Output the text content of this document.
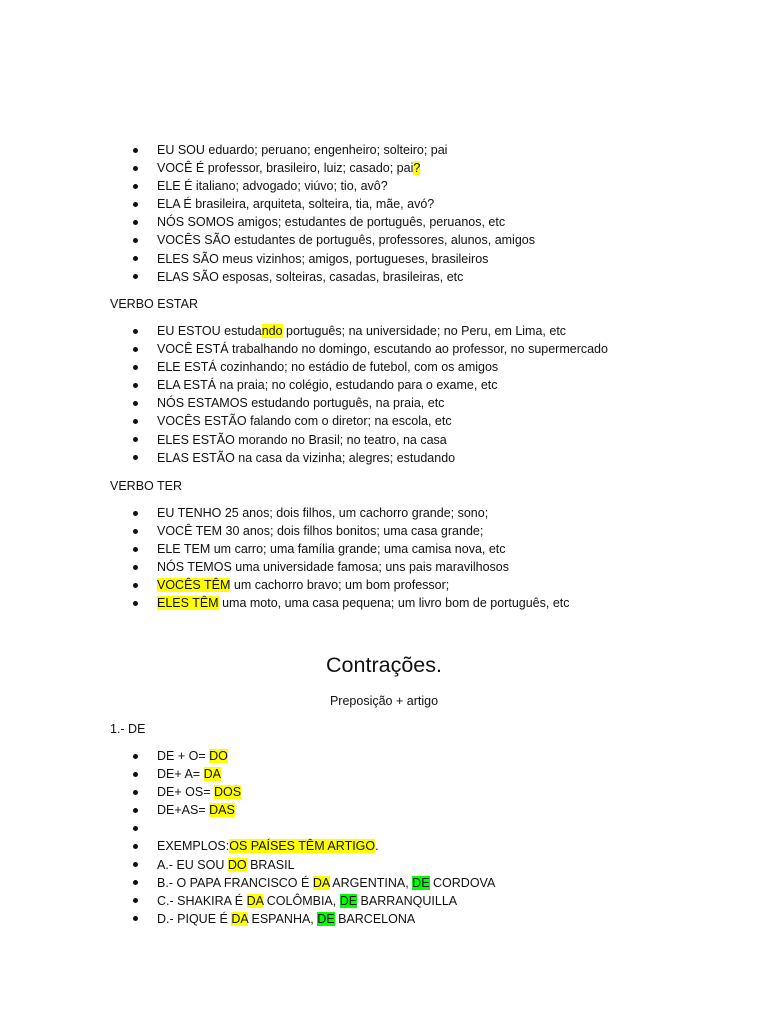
EU SOU eduardo; peruano; engenheiro; solteiro; pai
VOCÊ É professor, brasileiro, luiz; casado; pai?
ELE É italiano; advogado; viúvo; tio, avô?
ELA É brasileira, arquiteta, solteira, tia, mãe, avó?
NÓS SOMOS amigos; estudantes de português, peruanos, etc
VOCÊS SÃO estudantes de português, professores, alunos, amigos
ELES SÃO meus vizinhos; amigos, portugueses, brasileiros
ELAS SÃO esposas, solteiras, casadas, brasileiras, etc
VERBO ESTAR
EU ESTOU estudando português; na universidade; no Peru, em Lima, etc
VOCÊ ESTÁ trabalhando no domingo, escutando ao professor, no supermercado
ELE ESTÁ cozinhando; no estádio de futebol, com os amigos
ELA ESTÁ na praia; no colégio, estudando para o exame, etc
NÓS ESTAMOS estudando português, na praia, etc
VOCÊS ESTÃO falando com o diretor; na escola, etc
ELES ESTÃO morando no Brasil; no teatro, na casa
ELAS ESTÃO na casa da vizinha; alegres; estudando
VERBO TER
EU TENHO 25 anos; dois filhos, um cachorro grande; sono;
VOCÊ TEM 30 anos; dois filhos bonitos; uma casa grande;
ELE TEM um carro; uma família grande; uma camisa nova, etc
NÓS TEMOS uma universidade famosa; uns pais maravilhosos
VOCÊS TÊM um cachorro bravo; um bom professor;
ELES TÊM uma moto, uma casa pequena; um livro bom de português, etc
Contrações.
Preposição + artigo
1.- DE
DE + O= DO
DE+ A= DA
DE+ OS= DOS
DE+AS= DAS
EXEMPLOS:OS PAÍSES TÊM ARTIGO.
A.- EU SOU DO BRASIL
B.- O PAPA FRANCISCO É DA ARGENTINA, DE CORDOVA
C.- SHAKIRA É DA COLÔMBIA, DE BARRANQUILLA
D.- PIQUE É DA ESPANHA, DE BARCELONA
